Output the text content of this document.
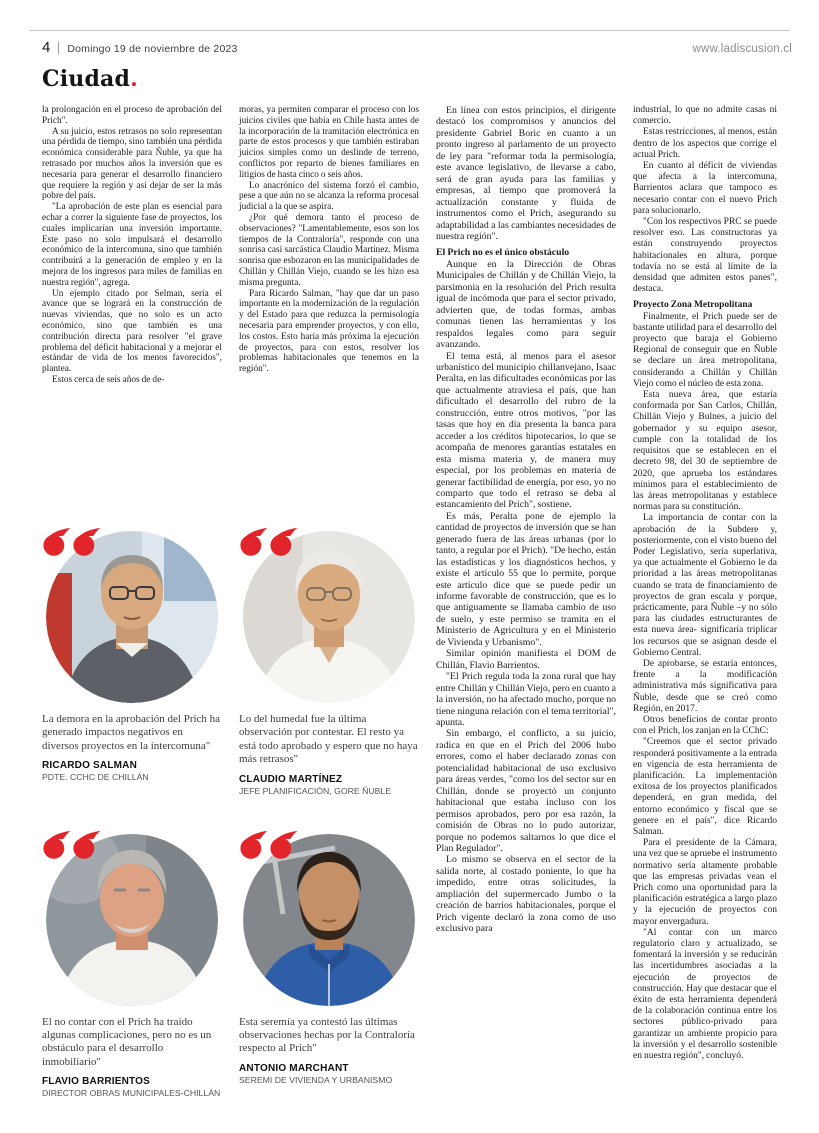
4 Domingo 19 de noviembre de 2023	www.ladiscusion.cl
Ciudad.

la prolongación en el proceso de aprobación del Prich".

A su juicio, estos retrasos no solo representan una pérdida de tiempo, sino también una pérdida económica considerable para Ñuble, ya que ha retrasado por muchos años la inversión que es necesaria para generar el desarrollo financiero que requiere la región y así dejar de ser la más pobre del país.

"La aprobación de este plan es esencial para echar a correr la siguiente fase de proyectos, los cuales implicarían una inversión importante. Este paso no solo impulsará el desarrollo económico de la intercomuna, sino que también contribuirá a la generación de empleo y en la mejora de los ingresos para miles de familias en nuestra región", agrega.

Un ejemplo citado por Selman, sería el avance que se logrará en la construcción de nuevas viviendas, que no solo es un acto económico, sino que también es una contribución directa para resolver "el grave problema del déficit habitacional y a mejorar el estándar de vida de los menos favorecidos", plantea.

Estos cerca de seis años de de-

moras, ya permiten comparar el proceso con los juicios civiles que había en Chile hasta antes de la incorporación de la tramitación electrónica en parte de estos procesos y que también estiraban juicios simples como un deslinde de terreno, conflictos por reparto de bienes familiares en litigios de hasta cinco o seis años.

Lo anacrónico del sistema forzó el cambio, pese a que aún no se alcanza la reforma procesal judicial a la que se aspira.

¿Por qué demora tanto el proceso de observaciones? "Lamentablemente, esos son los tiempos de la Contraloría", responde con una sonrisa casi sarcástica Claudio Martínez. Misma sonrisa que esbozaron en las municipalidades de Chillán y Chillán Viejo, cuando se les hizo esa misma pregunta.

Para Ricardo Salman, "hay que dar un paso importante en la modernización de la regulación y del Estado para que reduzca la permisología necesaria para emprender proyectos, y con ello, los costos. Esto haría más próxima la ejecución de proyectos, para con estos, resolver los problemas habitacionales que tenemos en la región".

La demora en la aprobación del Prich ha generado impactos negativos en diversos proyectos en la intercomuna"
RICARDO SALMAN
PDTE. CCHC DE CHILLÁN
Lo del humedal fue la última observación por contestar. El resto ya está todo aprobado y espero que no haya más retrasos"
CLAUDIO MARTÍNEZ
JEFE PLANIFICACIÓN, GORE ÑUBLE
El no contar con el Prich ha traído algunas complicaciones, pero no es un obstáculo para el desarrollo inmobiliario"
FLAVIO BARRIENTOS
DIRECTOR OBRAS MUNICIPALES-CHILLÁN
Esta seremía ya contestó las últimas observaciones hechas por la Contraloría respecto al Prich"
ANTONIO MARCHANT
SEREMI DE VIVIENDA Y URBANISMO

En línea con estos principios, el dirigente destacó los compromisos y anuncios del presidente Gabriel Boric en cuanto a un pronto ingreso al parlamento de un proyecto de ley para "reformar toda la permisología, este avance legislativo, de llevarse a cabo, será de gran ayuda para las familias y empresas, al tiempo que promoverá la actualización constante y fluida de instrumentos como el Prich, asegurando su adaptabilidad a las cambiantes necesidades de nuestra región".

El Prich no es el único obstáculo

Aunque en la Dirección de Obras Municipales de Chillán y de Chillán Viejo, la parsimonia en la resolución del Prich resulta igual de incómoda que para el sector privado, advierten que, de todas formas, ambas comunas tienen las herramientas y los respaldos legales como para seguir avanzando.

El tema está, al menos para el asesor urbanístico del municipio chillanvejano, Isaac Peralta, en las dificultades económicas por las que actualmente atraviesa el país, que han dificultado el desarrollo del rubro de la construcción, entre otros motivos, "por las tasas que hoy en día presenta la banca para acceder a los créditos hipotecarios, lo que se acompaña de menores garantías estatales en esta misma materia y, de manera muy especial, por los problemas en materia de generar factibilidad de energía, por eso, yo no comparto que todo el retraso se deba al estancamiento del Prich", sostiene.

Es más, Peralta pone de ejemplo la cantidad de proyectos de inversión que se han generado fuera de las áreas urbanas (por lo tanto, a regular por el Prich). "De hecho, están las estadísticas y los diagnósticos hechos, y existe el artículo 55 que lo permite, porque este artículo dice que se puede pedir un informe favorable de construcción, que es lo que antiguamente se llamaba cambio de uso de suelo, y este permiso se tramita en el Ministerio de Agricultura y en el Ministerio de Vivienda y Urbanismo".

Similar opinión manifiesta el DOM de Chillán, Flavio Barrientos.

"El Prich regula toda la zona rural que hay entre Chillán y Chillán Viejo, pero en cuanto a la inversión, no ha afectado mucho, porque no tiene ninguna relación con el tema territorial", apunta.

Sin embargo, el conflicto, a su juicio, radica en que en el Prich del 2006 hubo errores, como el haber declarado zonas con potencialidad habitacional de uso exclusivo para áreas verdes, "como los del sector sur en Chillán, donde se proyectó un conjunto habitacional que estaba incluso con los permisos aprobados, pero por esa razón, la comisión de Obras no lo pudo autorizar, porque no podemos saltarnos lo que dice el Plan Regulador".

Lo mismo se observa en el sector de la salida norte, al costado poniente, lo que ha impedido, entre otras solicitudes, la ampliación del supermercado Jumbo o la creación de barrios habitacionales, porque el Prich vigente declaró la zona como de uso exclusivo para

industrial, lo que no admite casas ni comercio.

Estas restricciones, al menos, están dentro de los aspectos que corrige el actual Prich.

En cuanto al déficit de viviendas que afecta a la intercomuna, Barrientos aclara que tampoco es necesario contar con el nuevo Prich para solucionarlo.

"Con los respectivos PRC se puede resolver eso. Las constructoras ya están construyendo proyectos habitacionales en altura, porque todavía no se está al límite de la densidad que admiten estos panes", destaca.

Proyecto Zona Metropolitana

Finalmente, el Prich puede ser de bastante utilidad para el desarrollo del proyecto que baraja el Gobierno Regional de conseguir que en Ñuble se declare un área metropolitana, considerando a Chillán y Chillán Viejo como el núcleo de esta zona.

Esta nueva área, que estaría conformada por San Carlos, Chillán, Chillán Viejo y Bulnes, a juicio del gobernador y su equipo asesor, cumple con la totalidad de los requisitos que se establecen en el decreto 98, del 30 de septiembre de 2020, que aprueba los estándares mínimos para el establecimiento de las áreas metropolitanas y establece normas para su constitución.

La importancia de contar con la aprobación de la Subdere y, posteriormente, con el visto bueno del Poder Legislativo, sería superlativa, ya que actualmente el Gobierno le da prioridad a las áreas metropolitanas cuando se trata de financiamiento de proyectos de gran escala y porque, prácticamente, para Ñuble –y no sólo para las ciudades estructurantes de esta nueva área- significaría triplicar los recursos que se asignan desde el Gobierno Central.

De aprobarse, se estaría entonces, frente a la modificación administrativa más significativa para Ñuble, desde que se creó como Región, en 2017.

Otros beneficios de contar pronto con el Prich, los zanjan en la CChC:

"Creemos que el sector privado responderá positivamente a la entrada en vigencia de esta herramienta de planificación. La implementación exitosa de los proyectos planificados dependerá, en gran medida, del entorno económico y fiscal que se genere en el país", dice Ricardo Salman.

Para el presidente de la Cámara, una vez que se apruebe el instrumento normativo sería altamente probable que las empresas privadas vean el Prich como una oportunidad para la planificación estratégica a largo plazo y la ejecución de proyectos con mayor envergadura.

"Al contar con un marco regulatorio claro y actualizado, se fomentará la inversión y se reducirán las incertidumbres asociadas a la ejecución de proyectos de construcción. Hay que destacar que el éxito de esta herramienta dependerá de la colaboración continua entre los sectores público-privado para garantizar un ambiente propicio para la inversión y el desarrollo sostenible en nuestra región", concluyó.
